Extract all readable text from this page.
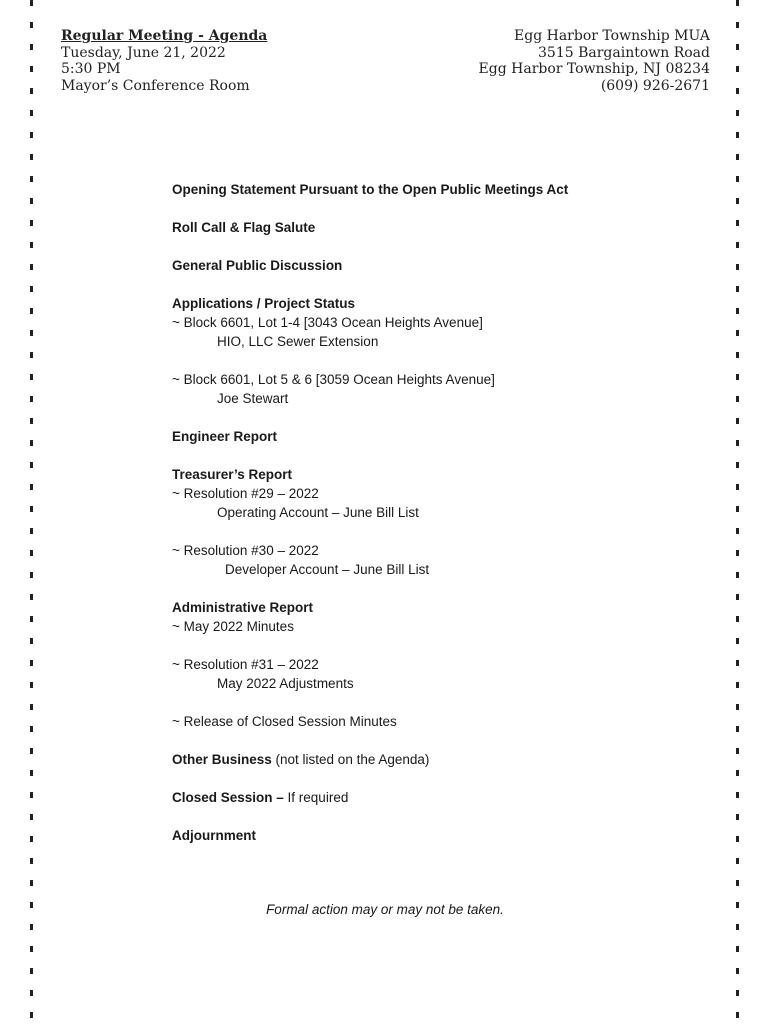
Regular Meeting - Agenda
Tuesday, June 21, 2022
5:30 PM
Mayor’s Conference Room
Egg Harbor Township MUA
3515 Bargaintown Road
Egg Harbor Township, NJ 08234
(609) 926-2671
Opening Statement Pursuant to the Open Public Meetings Act
Roll Call & Flag Salute
General Public Discussion
Applications / Project Status
~ Block 6601, Lot 1-4 [3043 Ocean Heights Avenue]
HIO, LLC Sewer Extension
~ Block 6601, Lot 5 & 6 [3059 Ocean Heights Avenue]
Joe Stewart
Engineer Report
Treasurer’s Report
~ Resolution #29 – 2022
Operating Account – June Bill List
~ Resolution #30 – 2022
Developer Account – June Bill List
Administrative Report
~ May 2022 Minutes
~ Resolution #31 – 2022
May 2022 Adjustments
~ Release of Closed Session Minutes
Other Business (not listed on the Agenda)
Closed Session – If required
Adjournment
Formal action may or may not be taken.
